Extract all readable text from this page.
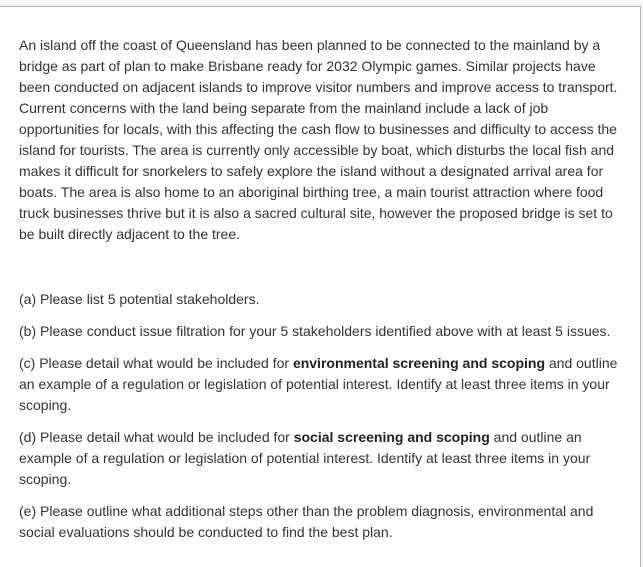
An island off the coast of Queensland has been planned to be connected to the mainland by a
bridge as part of plan to make Brisbane ready for 2032 Olympic games. Similar projects have
been conducted on adjacent islands to improve visitor numbers and improve access to transport.
Current concerns with the land being separate from the mainland include a lack of job
opportunities for locals, with this affecting the cash flow to businesses and difficulty to access the
island for tourists. The area is currently only accessible by boat, which disturbs the local fish and
makes it difficult for snorkelers to safely explore the island without a designated arrival area for
boats. The area is also home to an aboriginal birthing tree, a main tourist attraction where food
truck businesses thrive but it is also a sacred cultural site, however the proposed bridge is set to
be built directly adjacent to the tree.

(a) Please list 5 potential stakeholders.

(b) Please conduct issue filtration for your 5 stakeholders identified above with at least 5 issues.

(c) Please detail what would be included for environmental screening and scoping and outline
an example of a regulation or legislation of potential interest. Identify at least three items in your
scoping.

(d) Please detail what would be included for social screening and scoping and outline an
example of a regulation or legislation of potential interest. Identify at least three items in your
scoping.

(e) Please outline what additional steps other than the problem diagnosis, environmental and
social evaluations should be conducted to find the best plan.
